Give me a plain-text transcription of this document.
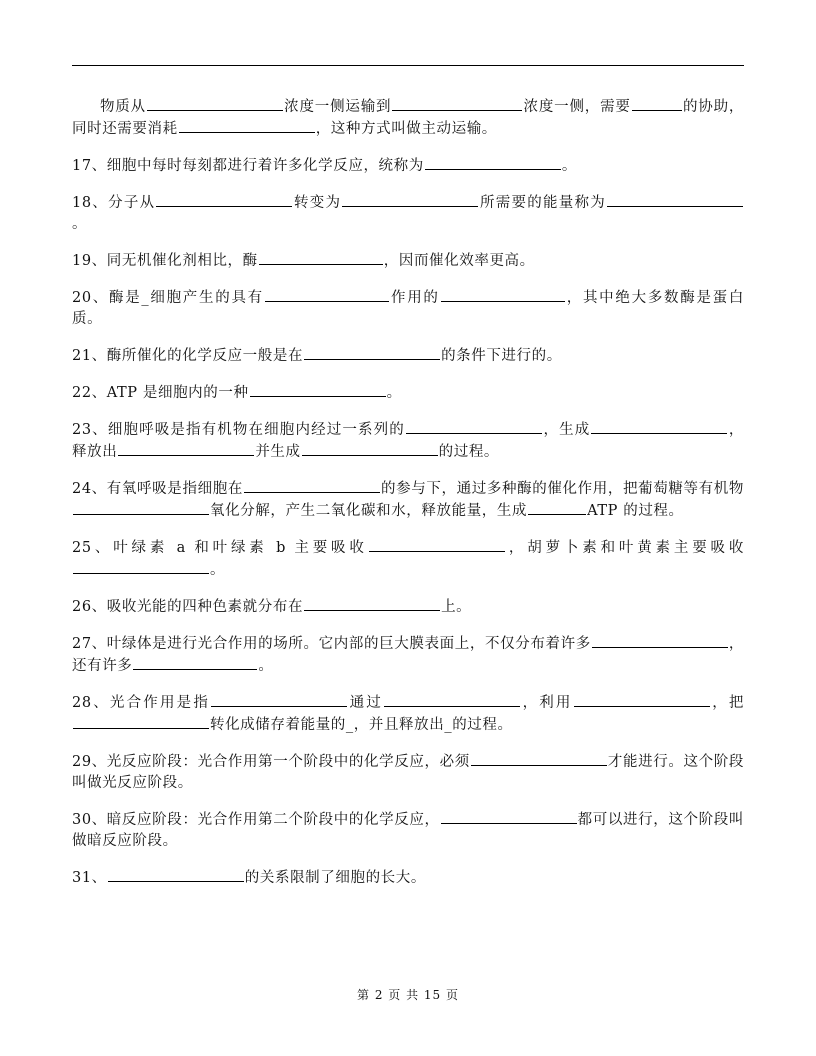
物质从	浓度一侧运输到	浓度一侧，需要	的协助，同时还需要消耗	，这种方式叫做主动运输。

17、细胞中每时每刻都进行着许多化学反应，统称为	。

18、分子从	转变为	所需要的能量称为。

19、同无机催化剂相比，酶	，因而催化效率更高。

20、酶是_细胞产生的具有	作用的	，其中绝大多数酶是蛋白质。

21、酶所催化的化学反应一般是在	的条件下进行的。

22、ATP 是细胞内的一种	。

23、细胞呼吸是指有机物在细胞内经过一系列的	，生成	，释放出	并生成	的过程。

24、有氧呼吸是指细胞在	的参与下，通过多种酶的催化作用，把葡萄糖等有机物氧化分解，产生二氧化碳和水，释放能量，生成	ATP 的过程。

25、叶绿素 a 和叶绿素 b 主要吸收	，胡萝卜素和叶黄素主要吸收。

26、吸收光能的四种色素就分布在	上。

27、叶绿体是进行光合作用的场所。它内部的巨大膜表面上，不仅分布着许多	，还有许多	。

28、光合作用是指	通过	，利用	，把转化成储存着能量的_，并且释放出_的过程。

29、光反应阶段：光合作用第一个阶段中的化学反应，必须	才能进行。这个阶段叫做光反应阶段。

30、暗反应阶段：光合作用第二个阶段中的化学反应，	都可以进行，这个阶段叫做暗反应阶段。

31、	的关系限制了细胞的长大。

第 2 页 共 15 页
